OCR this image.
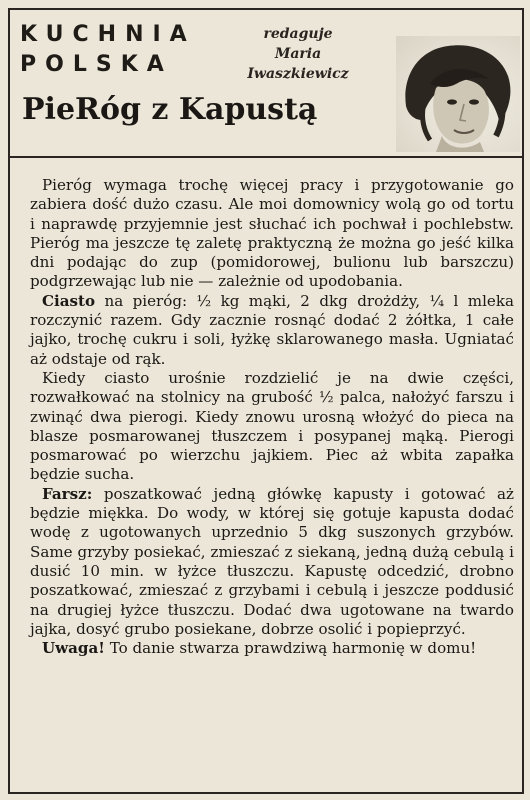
KUCHNIA
POLSKA
redaguje
Maria
Iwaszkiewicz
PieRóg z Kapustą

Pieróg wymaga trochę więcej pracy i przygotowanie go zabiera dość dużo czasu. Ale moi domownicy wolą go od tortu i naprawdę przyjemnie jest słuchać ich pochwał i pochlebstw. Pieróg ma jeszcze tę zaletę praktyczną że można go jeść kilka dni podając do zup (pomidorowej, bulionu lub barszczu) podgrzewając lub nie — zależnie od upodobania.

Ciasto na pieróg: ½ kg mąki, 2 dkg drożdży, ¼ l mleka rozczynić razem. Gdy zacznie rosnąć dodać 2 żółtka, 1 całe jajko, trochę cukru i soli, łyżkę sklarowanego masła. Ugniatać aż odstaje od rąk.

Kiedy ciasto urośnie rozdzielić je na dwie części, rozwałkować na stolnicy na grubość ½ palca, nałożyć farszu i zwinąć dwa pierogi. Kiedy znowu urosną włożyć do pieca na blasze posmarowanej tłuszczem i posypanej mąką. Pierogi posmarować po wierzchu jajkiem. Piec aż wbita zapałka będzie sucha.

Farsz: poszatkować jedną główkę kapusty i gotować aż będzie miękka. Do wody, w której się gotuje kapusta dodać wodę z ugotowanych uprzednio 5 dkg suszonych grzybów. Same grzyby posiekać, zmieszać z siekaną, jedną dużą cebulą i dusić 10 min. w łyżce tłuszczu. Kapustę odcedzić, drobno poszatkować, zmieszać z grzybami i cebulą i jeszcze poddusić na drugiej łyżce tłuszczu. Dodać dwa ugotowane na twardo jajka, dosyć grubo posiekane, dobrze osolić i popieprzyć.

Uwaga! To danie stwarza prawdziwą harmonię w domu!
